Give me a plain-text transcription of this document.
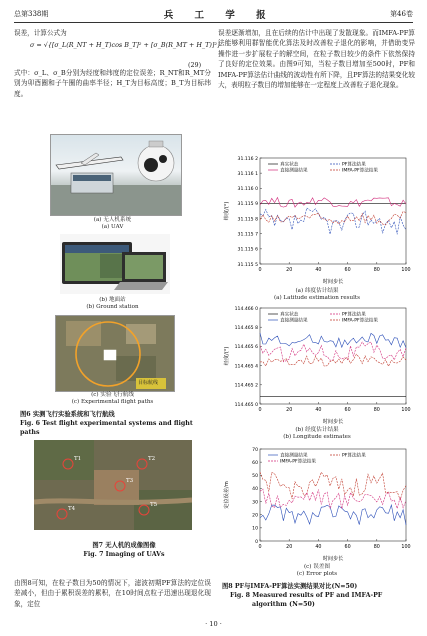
总第338期	兵 工 学 报	第46卷
误差，计算公式为
σ = √{[σ_L(R_NT + H_T)cos B_T]² + [σ_B(R_MT + H_T)]²}
(29)
式中：σ_L、σ_B分别为经度和纬度的定位误差；R_NT和R_MT分别为卯酉圈和子午圈的曲率半径；H_T为目标高度；B_T为目标纬度。
(a) 无人机系统
(a) UAV
(b) 地面站
(b) Ground station
目标航线
(c) 实验飞行航线
(c) Experimental flight paths
图6 实测飞行实验系统和飞行航线
Fig. 6 Test flight experimental systems and flight paths
T1	T2
T3
T4
T5
图7 无人机的成像图像
Fig. 7 Imaging of UAVs
由图8可知，在粒子数目为50的情况下，滤波初期PF算法的定位误差减小，但由于累积误差的累积，在10时间点粒子迅速出现退化现象，定位
误差逐渐增加，且在后续的估计中出现了发散现象。而IMFA-PF算法能够利用群智能优化算法及时改善粒子退化的影响，并借助变异操作进一步扩展粒子的解空间，在粒子数目较少的条件下依然保持了良好的定位效果。由图9可知，当粒子数目增加至500时，PF和IMFA-PF算法估计曲线的波动性有所下降，且PF算法的结果变化较大，表明粒子数目的增加能够在一定程度上改善粒子退化现象。
31.116 2
31.116 1
31.116 0
31.115 9
31.115 8
31.115 7
31.115 6
31.115 5
0	20	40	60	80	100
时间步长
纬度/(°)
真实状态	PF算法结果
直接测量结果	IMFA-PF算法结果
(a) 纬度估计结果
(a) Latitude estimation results
114.466 0
114.465 8
114.465 6
114.465 4
114.465 2
114.465 0
0	20	40	60	80	100
时间步长
经度/(°)
真实状态	PF算法结果
直接测量结果	IMFA-PF算法结果
(b) 经度估计结果
(b) Longitude estimates
70
60
50
40
30
20
10
0
0	20	40	60	80	100
时间步长
定位误差/m
直接测量结果	PF算法结果
IMFA-PF算法结果
(c) 误差图
(c) Error plots
图8 PF与IMFA-PF算法实测结果对比(N=50)
Fig. 8 Measured results of PF and IMFA-PF
algorithm (N=50)
· 10 ·
